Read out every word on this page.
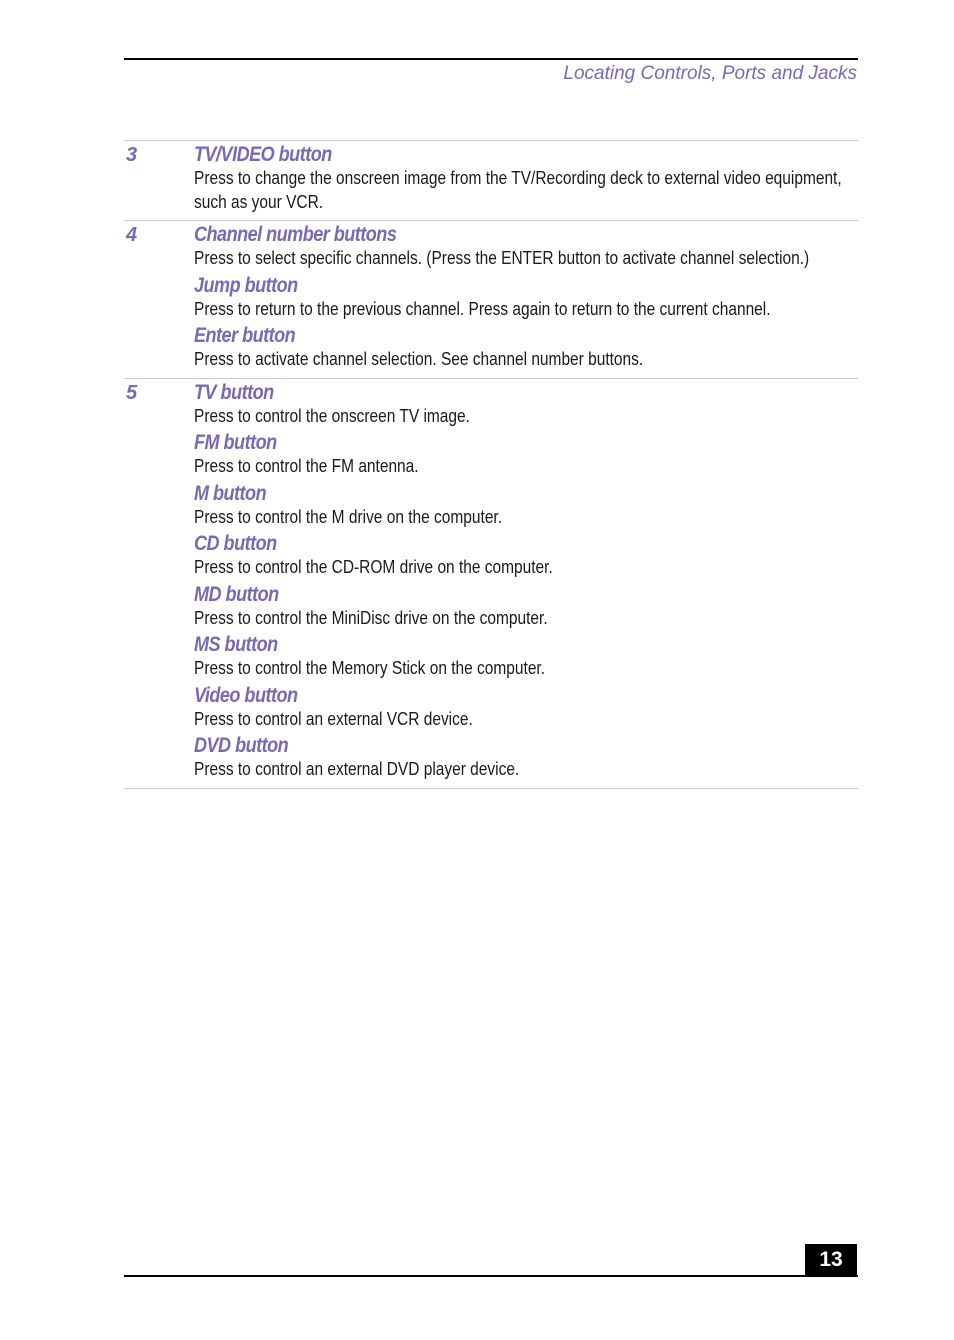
Locating Controls, Ports and Jacks
3	TV/VIDEO button
Press to change the onscreen image from the TV/Recording deck to external video equipment, such as your VCR.
4	Channel number buttons
Press to select specific channels. (Press the ENTER button to activate channel selection.)
Jump button
Press to return to the previous channel. Press again to return to the current channel.
Enter button
Press to activate channel selection. See channel number buttons.
5	TV button
Press to control the onscreen TV image.
FM button
Press to control the FM antenna.
M button
Press to control the M drive on the computer.
CD button
Press to control the CD-ROM drive on the computer.
MD button
Press to control the MiniDisc drive on the computer.
MS button
Press to control the Memory Stick on the computer.
Video button
Press to control an external VCR device.
DVD button
Press to control an external DVD player device.
13
